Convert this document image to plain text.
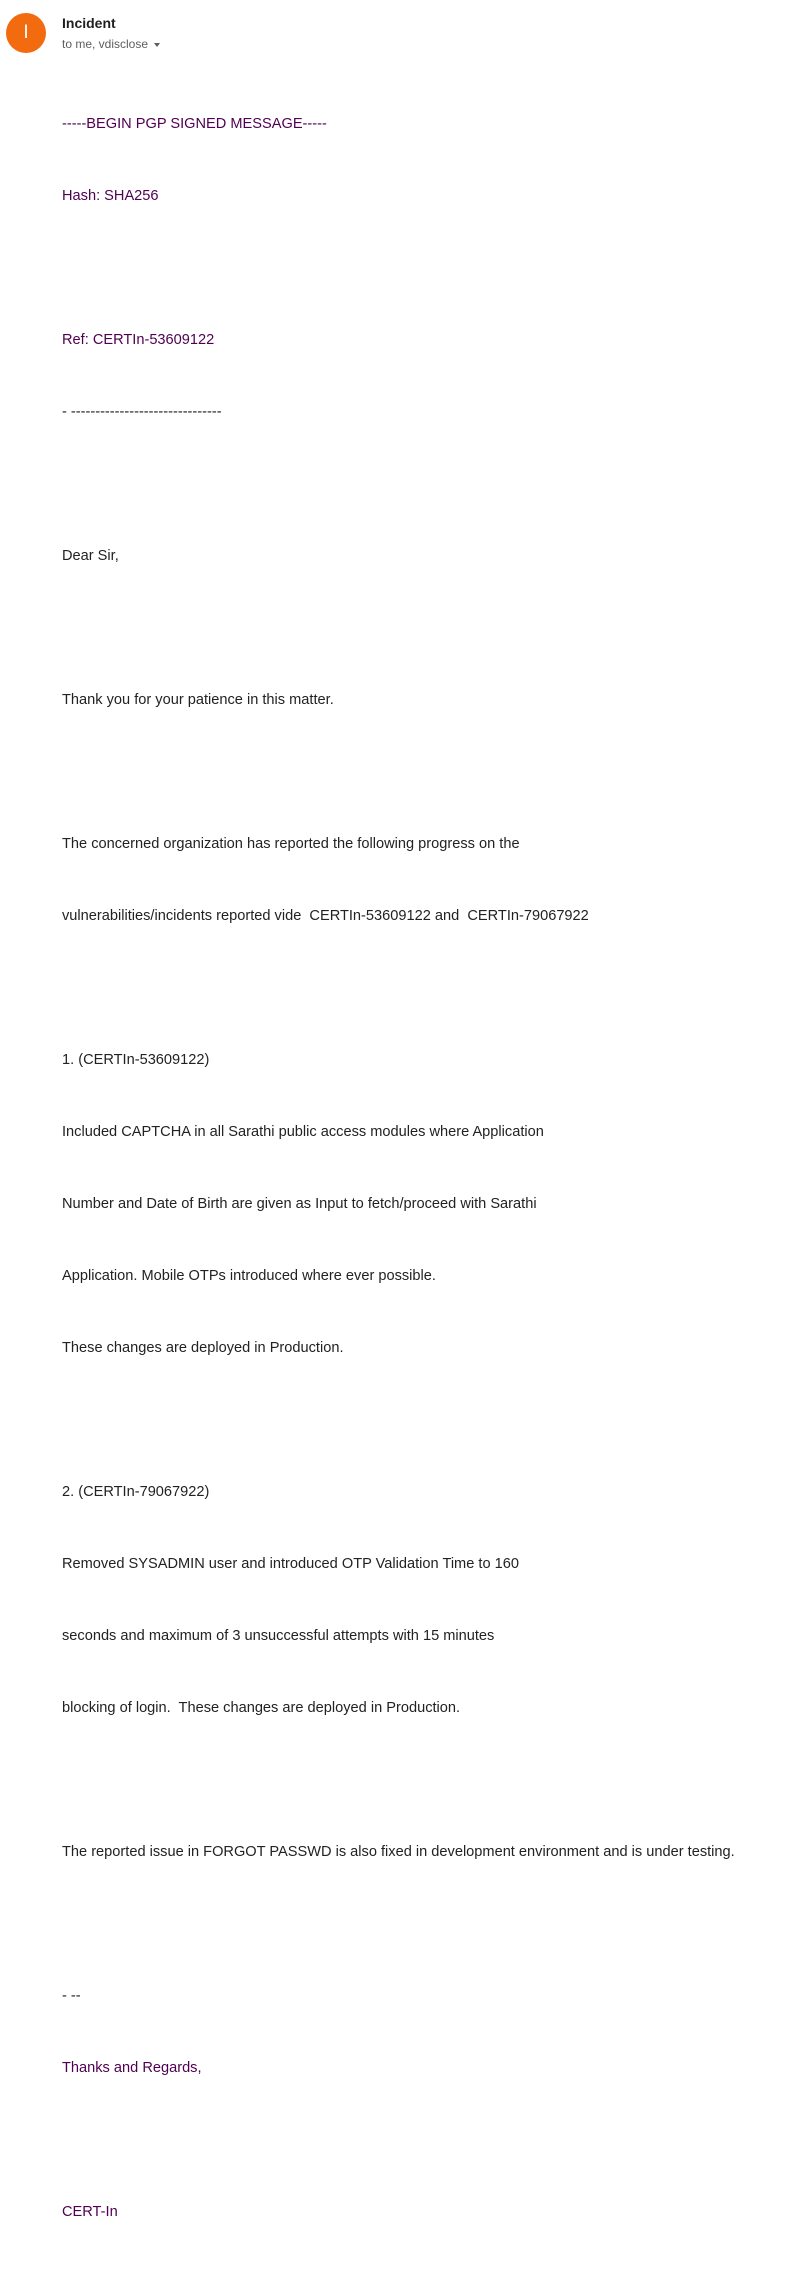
I	Incident
to me, vdisclose

-----BEGIN PGP SIGNED MESSAGE-----

Hash: SHA256

Ref: CERTIn-53609122

- -------------------------------

Dear Sir,

Thank you for your patience in this matter.

The concerned organization has reported the following progress on the

vulnerabilities/incidents reported vide  CERTIn-53609122 and  CERTIn-79067922

1. (CERTIn-53609122)

Included CAPTCHA in all Sarathi public access modules where Application

Number and Date of Birth are given as Input to fetch/proceed with Sarathi

Application. Mobile OTPs introduced where ever possible.

These changes are deployed in Production.

2. (CERTIn-79067922)

Removed SYSADMIN user and introduced OTP Validation Time to 160

seconds and maximum of 3 unsuccessful attempts with 15 minutes

blocking of login.  These changes are deployed in Production.

The reported issue in FORGOT PASSWD is also fixed in development environment and is under testing.

- --

Thanks and Regards,

CERT-In
